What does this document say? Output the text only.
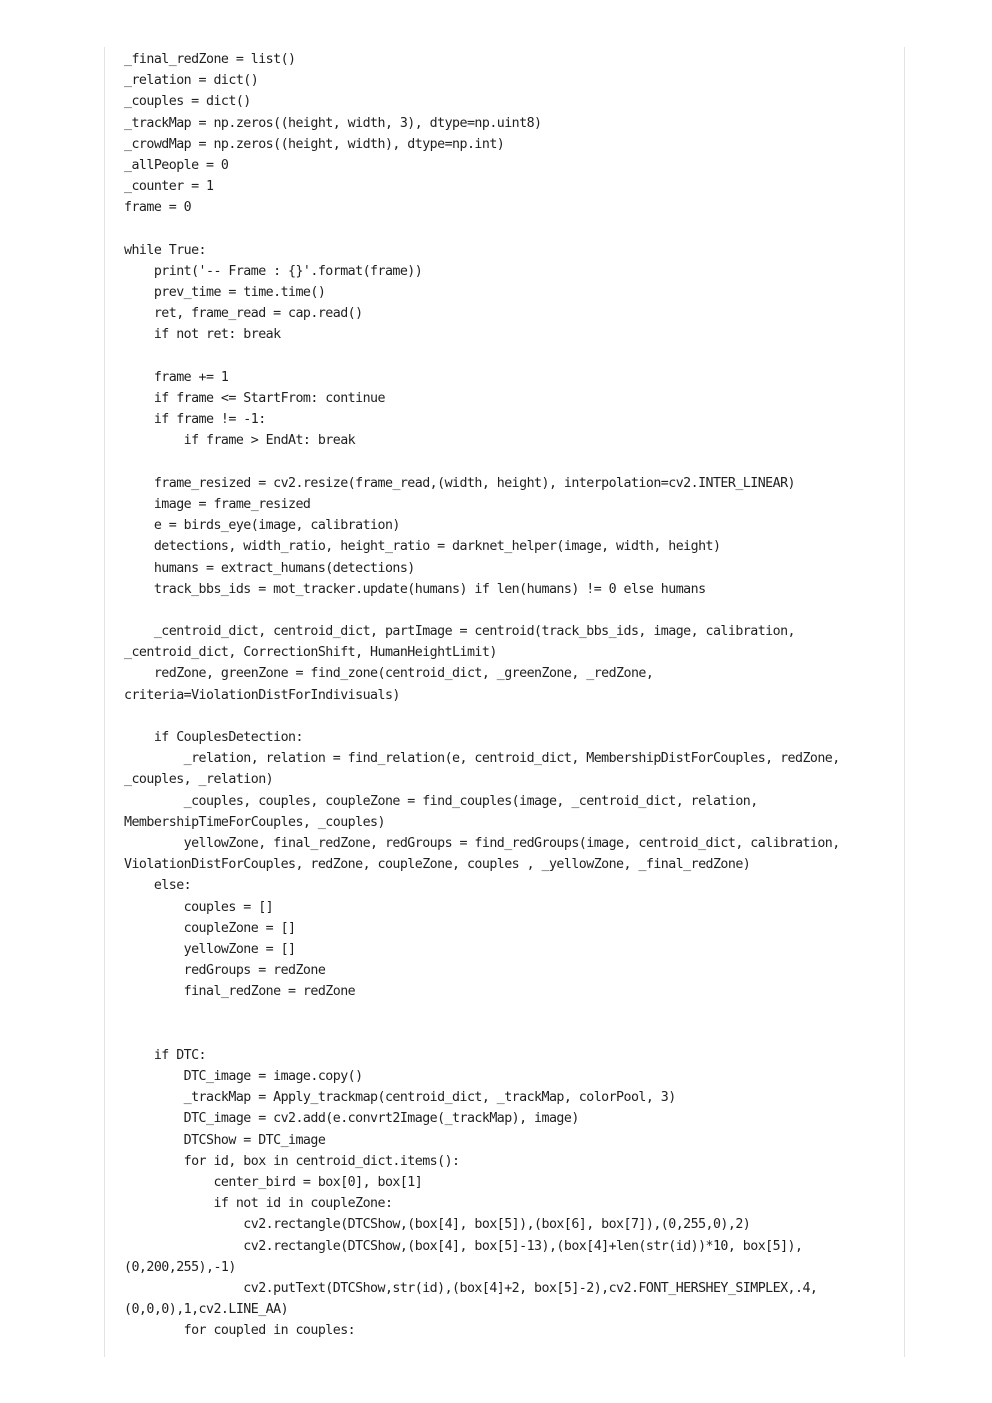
_final_redZone = list()
_relation = dict()
_couples = dict()
_trackMap = np.zeros((height, width, 3), dtype=np.uint8)
_crowdMap = np.zeros((height, width), dtype=np.int)
_allPeople = 0
_counter = 1
frame = 0
while True:
print('-- Frame : {}'.format(frame))
prev_time = time.time()
ret, frame_read = cap.read()
if not ret: break
frame += 1
if frame <= StartFrom: continue
if frame != -1:
if frame > EndAt: break
frame_resized = cv2.resize(frame_read,(width, height), interpolation=cv2.INTER_LINEAR)
image = frame_resized
e = birds_eye(image, calibration)
detections, width_ratio, height_ratio = darknet_helper(image, width, height)
humans = extract_humans(detections)
track_bbs_ids = mot_tracker.update(humans) if len(humans) != 0 else humans
_centroid_dict, centroid_dict, partImage = centroid(track_bbs_ids, image, calibration,
_centroid_dict, CorrectionShift, HumanHeightLimit)
redZone, greenZone = find_zone(centroid_dict, _greenZone, _redZone,
criteria=ViolationDistForIndivisuals)
if CouplesDetection:
_relation, relation = find_relation(e, centroid_dict, MembershipDistForCouples, redZone,
_couples, _relation)
_couples, couples, coupleZone = find_couples(image, _centroid_dict, relation,
MembershipTimeForCouples, _couples)
yellowZone, final_redZone, redGroups = find_redGroups(image, centroid_dict, calibration,
ViolationDistForCouples, redZone, coupleZone, couples , _yellowZone, _final_redZone)
else:
couples = []
coupleZone = []
yellowZone = []
redGroups = redZone
final_redZone = redZone
if DTC:
DTC_image = image.copy()
_trackMap = Apply_trackmap(centroid_dict, _trackMap, colorPool, 3)
DTC_image = cv2.add(e.convrt2Image(_trackMap), image)
DTCShow = DTC_image
for id, box in centroid_dict.items():
center_bird = box[0], box[1]
if not id in coupleZone:
cv2.rectangle(DTCShow,(box[4], box[5]),(box[6], box[7]),(0,255,0),2)
cv2.rectangle(DTCShow,(box[4], box[5]-13),(box[4]+len(str(id))*10, box[5]),
(0,200,255),-1)
cv2.putText(DTCShow,str(id),(box[4]+2, box[5]-2),cv2.FONT_HERSHEY_SIMPLEX,.4,
(0,0,0),1,cv2.LINE_AA)
for coupled in couples:
